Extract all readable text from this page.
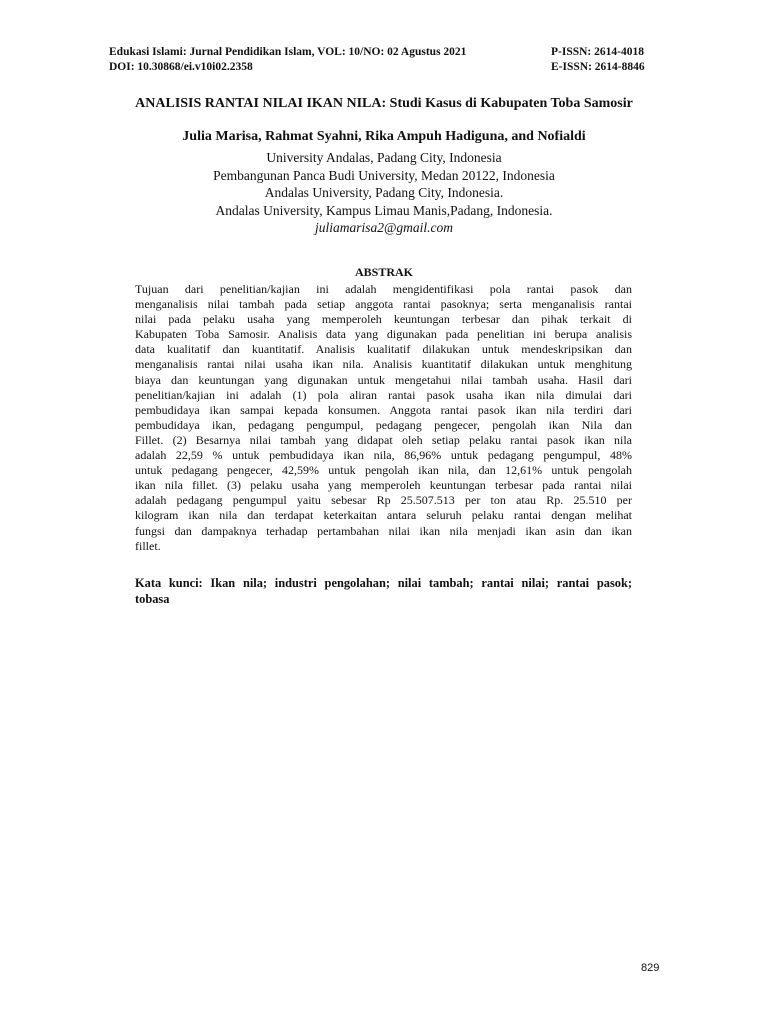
Edukasi Islami: Jurnal Pendidikan Islam, VOL: 10/NO: 02 Agustus 2021
DOI: 10.30868/ei.v10i02.2358
P-ISSN: 2614-4018
E-ISSN: 2614-8846
ANALISIS RANTAI NILAI IKAN NILA: Studi Kasus di Kabupaten Toba Samosir
Julia Marisa, Rahmat Syahni, Rika Ampuh Hadiguna, and Nofialdi
University Andalas, Padang City, Indonesia
Pembangunan Panca Budi University, Medan 20122, Indonesia
Andalas University, Padang City, Indonesia.
Andalas University, Kampus Limau Manis,Padang, Indonesia.
juliamarisa2@gmail.com
ABSTRAK
Tujuan dari penelitian/kajian ini adalah mengidentifikasi pola rantai pasok dan
menganalisis nilai tambah pada setiap anggota rantai pasoknya; serta menganalisis rantai
nilai pada pelaku usaha yang memperoleh keuntungan terbesar dan pihak terkait di
Kabupaten Toba Samosir. Analisis data yang digunakan pada penelitian ini berupa analisis
data kualitatif dan kuantitatif. Analisis kualitatif dilakukan untuk mendeskripsikan dan
menganalisis rantai nilai usaha ikan nila. Analisis kuantitatif dilakukan untuk menghitung
biaya dan keuntungan yang digunakan untuk mengetahui nilai tambah usaha. Hasil dari
penelitian/kajian ini adalah (1) pola aliran rantai pasok usaha ikan nila dimulai dari
pembudidaya ikan sampai kepada konsumen. Anggota rantai pasok ikan nila terdiri dari
pembudidaya ikan, pedagang pengumpul, pedagang pengecer, pengolah ikan Nila dan
Fillet. (2) Besarnya nilai tambah yang didapat oleh setiap pelaku rantai pasok ikan nila
adalah 22,59 % untuk pembudidaya ikan nila, 86,96% untuk pedagang pengumpul, 48%
untuk pedagang pengecer, 42,59% untuk pengolah ikan nila, dan 12,61% untuk pengolah
ikan nila fillet. (3) pelaku usaha yang memperoleh keuntungan terbesar pada rantai nilai
adalah pedagang pengumpul yaitu sebesar Rp 25.507.513 per ton atau Rp. 25.510 per
kilogram ikan nila dan terdapat keterkaitan antara seluruh pelaku rantai dengan melihat
fungsi dan dampaknya terhadap pertambahan nilai ikan nila menjadi ikan asin dan ikan
fillet.
Kata kunci: Ikan nila; industri pengolahan; nilai tambah; rantai nilai; rantai pasok;
tobasa
829
